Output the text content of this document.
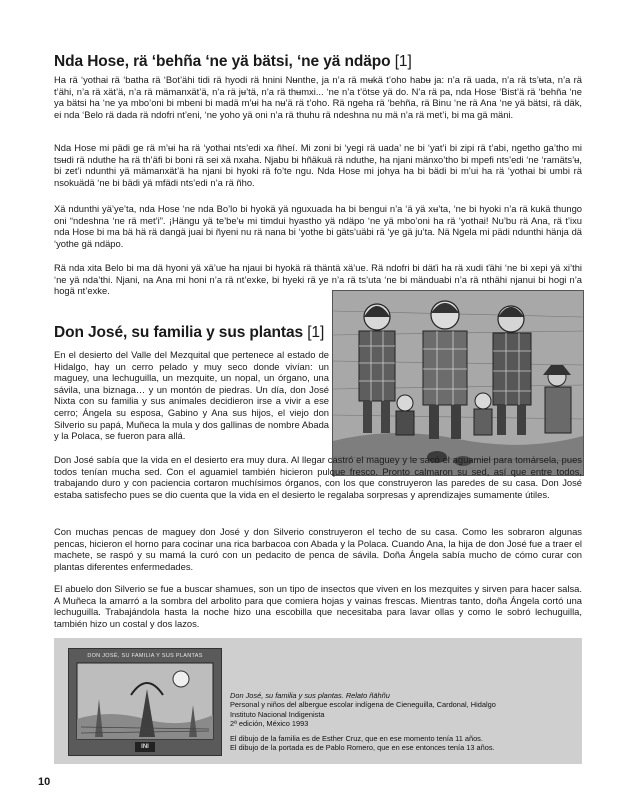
Nda Hose, rä ‘behña ‘ne yä bätsi, ‘ne yä ndäpo [1]

Ha rä ‘yothai rä ‘batha rä ‘Bot’ähi tidi rä hyodi rä hnini Nʉnthe, ja n’a rä mʉkä t’oho habʉ ja: n’a rä uada, n’a rä ts’ʉta, n’a rä t’ähi, n’a rä xät’ä, n’a rä mämanxät’ä, n’a rä jʉ’tä, n’a rä thʉmxi... ‘ne n’a t’ötse yä do. N’a rä pa, nda Hose ‘Bist’ä rä ‘behña ‘ne ya bätsi ha ‘ne ya mbo’oni bi mbeni bi madä m’ʉi ha nʉ’ä rä t’oho. Rä ngeha rä ‘behña, rä Binu ‘ne rä Ana ‘ne yä bätsi, rä däk, ei nda ‘Belo rä dada rä ndofri nt’eni, ‘ne yoho yä oni n’a rä thuhu rä ndeshna nu mä n’a rä met’i, bi ma gä mäni.

Nda Hose mi pädi ge rä m’ʉi ha rä ‘yothai nts’edi xa ñheí. Mi zoni bi ‘yegi rä uada’ ne bi ‘yat’i bi zipi rä t’abi, ngetho ga’tho mi tsʉdi rä nduthe ha rä th’äfi bi boni rä sei xä nxaha. Njabu bi hñäkuä rä nduthe, ha njani mänxo’tho bi mpefi nts’edi ‘ne ‘ramäts’ʉ, bi zet’i ndunthi yä mämanxät’ä ha njani bi hyoki rä fo’te ngu. Nda Hose mi johya ha bi bädi bi m’ui ha rä ‘yothai bi umbi rä nsokuädä ‘ne bi bädi yä mfädi nts’edi n’a rä ñho.

Xä ndunthi yä’ye’ta, nda Hose ‘ne nda Bo’lo bi hyokä yä nguxuada ha bi bengui n’a ‘ä yä xʉ’ta, ‘ne bi hyoki n’a rä kukä thungo oni “ndeshna ‘ne rä met’i”. ¡Hängu yä te’be’ʉ mi timdui hyastho yä ndäpo ‘ne yä mbo’oni ha rä ‘yothai! Nu’bu rä Ana, rä t’ixu nda Hose bi ma bä hä rä dangä juai bi ñyeni nu rä nana bi ‘yothe bi gäts’uäbi rä ‘ye gä ju’ta. Nä Ngela mi pädi ndunthi hänja dä ‘yothe gä ndäpo.

Rä nda xita Belo bi ma dä hyoni yä xä’ue ha njaui bi hyokä rä thäntä xä’ue. Rä ndofri bi däťi ha rä xudi ťähi ‘ne bi xepi yä xi’thi ‘ne yä nda’thi. Njani, na Ana mi honi n’a rä nt’exke, bi hyeki rä ye n’a rä ts’uta ‘ne bi mänduabi n’a rä nthähi njanui bi hogi n’a hogä nt’exke.

Don José, su familia y sus plantas [1]

En el desierto del Valle del Mezquital que pertenece al estado de Hidalgo, hay un cerro pelado y muy seco donde vivían: un maguey, una lechuguilla, un mezquite, un nopal, un órgano, una sávila, una biznaga… y un montón de piedras. Un día, don José Nixta con su familia y sus animales decidieron irse a vivir a ese cerro; Ángela su esposa, Gabino y Ana sus hijos, el viejo don Silverio su papá, Muñeca la mula y dos gallinas de nombre Abada y la Polaca, se fueron para allá.

Don José sabía que la vida en el desierto era muy dura. Al llegar castró el maguey y le sacó el aguamiel para tomársela, pues todos tenían mucha sed. Con el aguamiel también hicieron pulque fresco. Pronto calmaron su sed, así que entre todos, trabajando duro y con paciencia cortaron muchísimos órganos, con los que construyeron las paredes de su casa. Don José estaba satisfecho pues se dio cuenta que la vida en el desierto le regalaba sorpresas y aprendizajes sumamente útiles.

Con muchas pencas de maguey don José y don Silverio construyeron el techo de su casa. Como les sobraron algunas pencas, hicieron el horno para cocinar una rica barbacoa con Abada y la Polaca. Cuando Ana, la hija de don José fue a traer el machete, se raspó y su mamá la curó con un pedacito de penca de sávila. Doña Ángela sabía mucho de cómo curar con plantas diferentes enfermedades.

El abuelo don Silverio se fue a buscar shamues, son un tipo de insectos que viven en los mezquites y sirven para hacer salsa. A Muñeca la amarró a la sombra del arbolito para que comiera hojas y vainas frescas. Mientras tanto, doña Ángela cortó una lechuguilla. Trabajándola hasta la noche hizo una escobilla que necesitaba para lavar ollas y como le sobró lechuguilla, también hizo un costal y dos lazos.

DON JOSÉ, SU FAMILIA Y SUS PLANTAS
INI

Don José, su familia y sus plantas. Relato ñähñu

Personal y niños del albergue escolar indígena de Cieneguilla, Cardonal, Hidalgo

Instituto Nacional Indigenista

2ª edición, México 1993

El dibujo de la familia es de Esther Cruz, que en ese momento tenía 11 años.

El dibujo de la portada es de Pablo Romero, que en ese entonces tenía 13 años.

10
